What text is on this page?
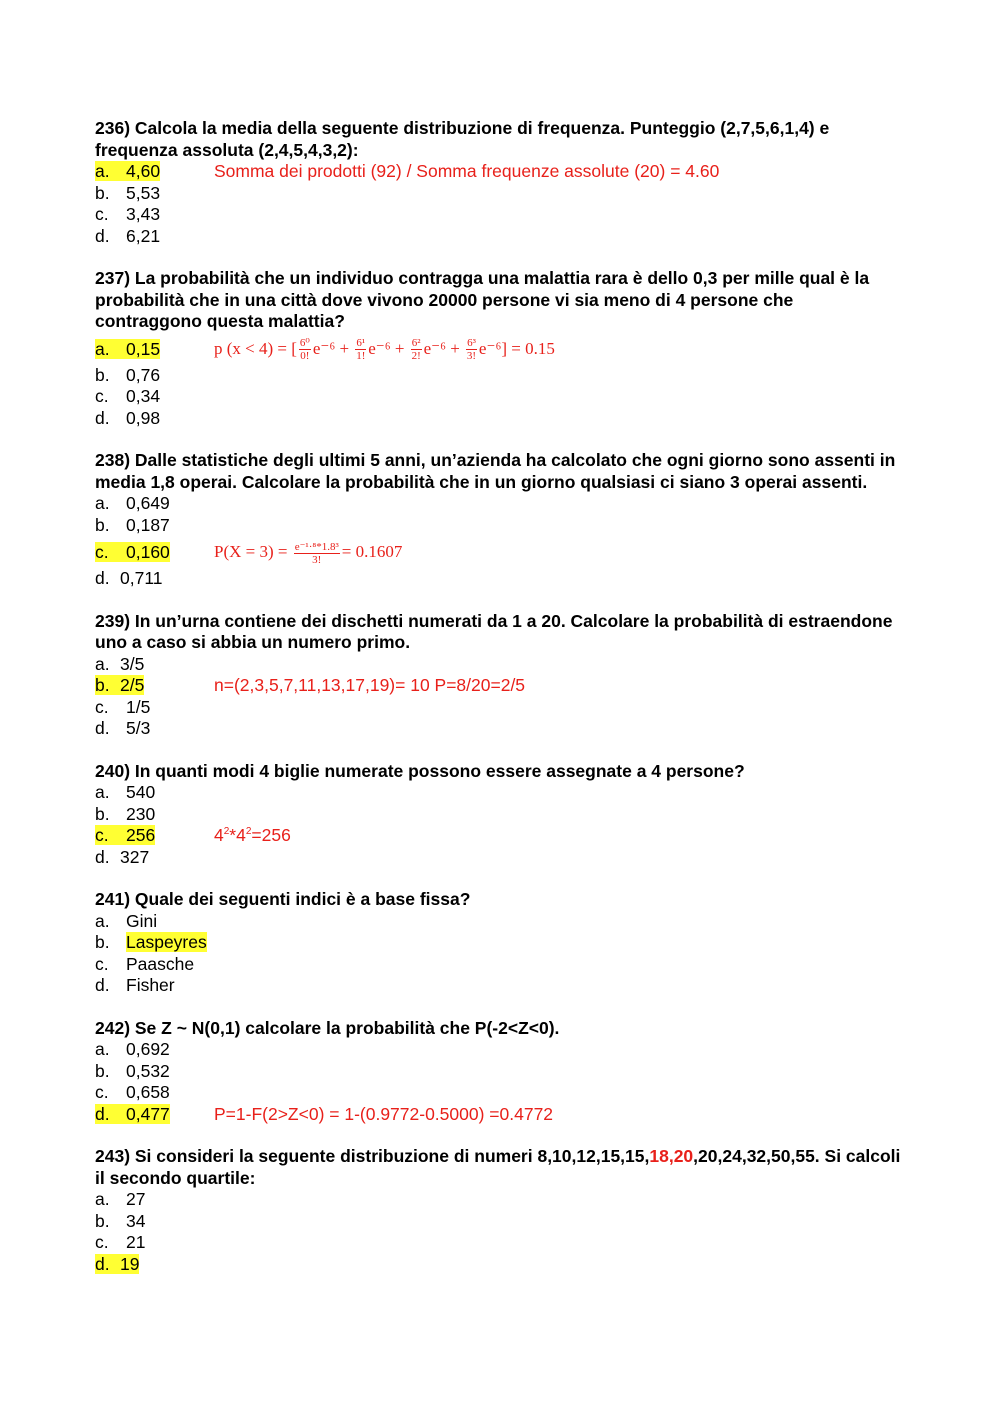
236) Calcola la media della seguente distribuzione di frequenza. Punteggio (2,7,5,6,1,4) e frequenza assoluta (2,4,5,4,3,2):
a. 4,60	Somma dei prodotti (92) / Somma frequenze assolute (20) = 4.60
b. 5,53
c. 3,43
d. 6,21
237) La probabilità che un individuo contragga una malattia rara è dello 0,3 per mille qual è la probabilità che in una città dove vivono 20000 persone vi sia meno di 4 persone che contraggono questa malattia?
a. 0,15	p (x < 4) = [ $\frac{\text{6⁰}}{0!} e^{-6} + \frac{\text{6¹}}{1!} e^{-6} + \frac{\text{6²}}{2!} e^{-6} + \frac{\text{6³}}{3!} e^{-6}] = 0.15$
b. 0,76
c. 0,34
d. 0,98
238) Dalle statistiche degli ultimi 5 anni, un’azienda ha calcolato che ogni giorno sono assenti in media 1,8 operai. Calcolare la probabilità che in un giorno qualsiasi ci siano 3 operai assenti.
a. 0,649
b. 0,187
c. 0,160	$P(X = 3) = \frac{\text{e⁻¹·⁸*1.8³}}{3!} = 0.1607$
d. 0,711
239) In un’urna contiene dei dischetti numerati da 1 a 20. Calcolare la probabilità di estraendone uno a caso si abbia un numero primo.
a. 3/5
b. 2/5	n=(2,3,5,7,11,13,17,19)= 10 P=8/20=2/5
c. 1/5
d. 5/3
240) In quanti modi 4 biglie numerate possono essere assegnate a 4 persone?
a. 540
b. 230
c. 256	$4^2*4^2=256$
d. 327
241) Quale dei seguenti indici è a base fissa?
a. Gini
b. Laspeyres
c. Paasche
d. Fisher
242) Se Z ~ N(0,1) calcolare la probabilità che P(-2<Z<0).
a. 0,692
b. 0,532
c. 0,658
d. 0,477	P=1-F(2>Z<0) = 1-(0.9772-0.5000) =0.4772
243) Si consideri la seguente distribuzione di numeri 8,10,12,15,15,18,20,20,24,32,50,55. Si calcoli il secondo quartile:
a. 27
b. 34
c. 21
d. 19
